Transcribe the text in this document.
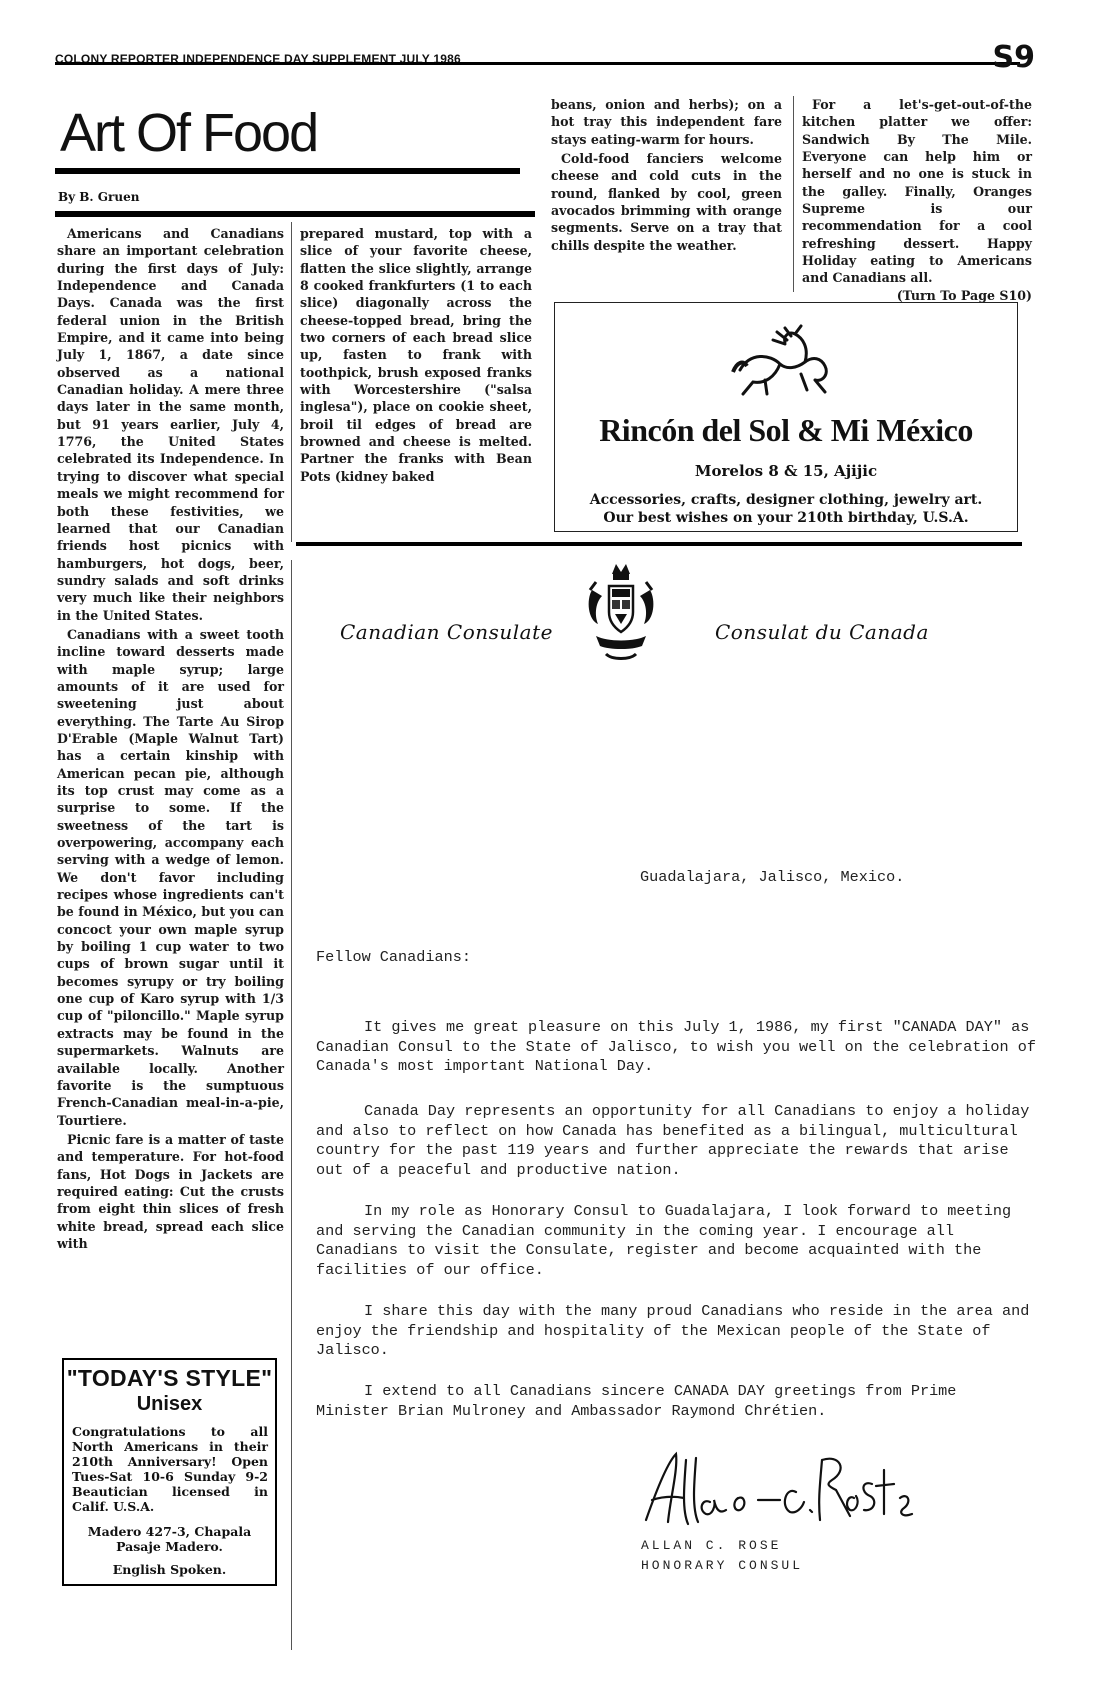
COLONY REPORTER INDEPENDENCE DAY SUPPLEMENT JULY 1986	S9
Art Of Food
By B. Gruen

Americans and Canadians share an important celebration during the first days of July: Independence and Canada Days. Canada was the first federal union in the British Empire, and it came into being July 1, 1867, a date since observed as a national Canadian holiday. A mere three days later in the same month, but 91 years earlier, July 4, 1776, the United States celebrated its Independence. In trying to discover what special meals we might recommend for both these festivities, we learned that our Canadian friends host picnics with hamburgers, hot dogs, beer, sundry salads and soft drinks very much like their neighbors in the United States.

Canadians with a sweet tooth incline toward desserts made with maple syrup; large amounts of it are used for sweetening just about everything. The Tarte Au Sirop D'Erable (Maple Walnut Tart) has a certain kinship with American pecan pie, although its top crust may come as a surprise to some. If the sweetness of the tart is overpowering, accompany each serving with a wedge of lemon. We don't favor including recipes whose ingredients can't be found in México, but you can concoct your own maple syrup by boiling 1 cup water to two cups of brown sugar until it becomes syrupy or try boiling one cup of Karo syrup with 1/3 cup of "piloncillo." Maple syrup extracts may be found in the supermarkets. Walnuts are available locally. Another favorite is the sumptuous French-Canadian meal-in-a-pie, Tourtiere.

Picnic fare is a matter of taste and temperature. For hot-food fans, Hot Dogs in Jackets are required eating: Cut the crusts from eight thin slices of fresh white bread, spread each slice with

prepared mustard, top with a slice of your favorite cheese, flatten the slice slightly, arrange 8 cooked frankfurters (1 to each slice) diagonally across the cheese-topped bread, bring the two corners of each bread slice up, fasten to frank with toothpick, brush exposed franks with Worcestershire ("salsa inglesa"), place on cookie sheet, broil til edges of bread are browned and cheese is melted. Partner the franks with Bean Pots (kidney baked

beans, onion and herbs); on a hot tray this independent fare stays eating-warm for hours.

Cold-food fanciers welcome cheese and cold cuts in the round, flanked by cool, green avocados brimming with orange segments. Serve on a tray that chills despite the weather.

For a let's-get-out-of-the kitchen platter we offer: Sandwich By The Mile. Everyone can help him or herself and no one is stuck in the galley. Finally, Oranges Supreme is our recommendation for a cool refreshing dessert. Happy Holiday eating to Americans and Canadians all.

(Turn To Page S10)
Rincón del Sol & Mi México
Morelos 8 & 15, Ajijic
Accessories, crafts, designer clothing, jewelry art.
Our best wishes on your 210th birthday, U.S.A.
Canadian Consulate	Consulat du Canada
Guadalajara, Jalisco, Mexico.
Fellow Canadians:

It gives me great pleasure on this July 1, 1986, my first "CANADA DAY" as Canadian Consul to the State of Jalisco, to wish you well on the celebration of Canada's most important National Day.

Canada Day represents an opportunity for all Canadians to enjoy a holiday and also to reflect on how Canada has benefited as a bilingual, multicultural country for the past 119 years and further appreciate the rewards that arise out of a peaceful and productive nation.

In my role as Honorary Consul to Guadalajara, I look forward to meeting and serving the Canadian community in the coming year. I encourage all Canadians to visit the Consulate, register and become acquainted with the facilities of our office.

I share this day with the many proud Canadians who reside in the area and enjoy the friendship and hospitality of the Mexican people of the State of Jalisco.

I extend to all Canadians sincere CANADA DAY greetings from Prime Minister Brian Mulroney and Ambassador Raymond Chrétien.

ALLAN C. ROSE
HONORARY CONSUL
"TODAY'S STYLE"
Unisex
Congratulations to all North Americans in their 210th Anniversary! Open Tues-Sat 10-6 Sunday 9-2 Beautician licensed in Calif. U.S.A.
Madero 427-3, Chapala
Pasaje Madero.
English Spoken.
